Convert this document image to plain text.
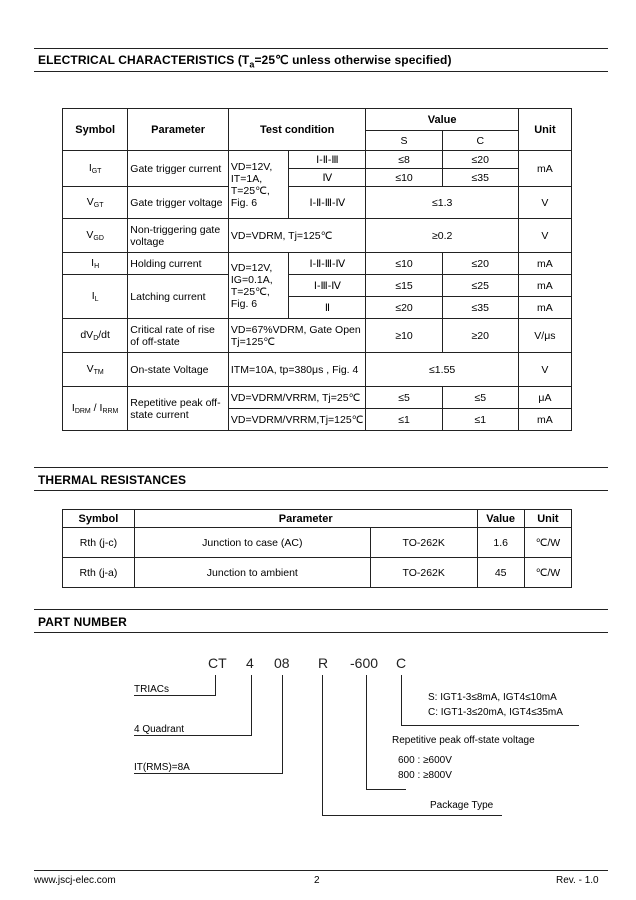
ELECTRICAL CHARACTERISTICS ($T_a=25℃$ unless otherwise specified)
Symbol	Parameter	Test condition		Value		Unit
				S	C	
$I_{GT}$	Gate trigger current	VD=12V, IT=1A, T=25℃, Fig. 6	Ⅰ-Ⅱ-Ⅲ	≤8	≤20	mA
			Ⅳ	≤10	≤35	
$V_{GT}$	Gate trigger voltage		Ⅰ-Ⅱ-Ⅲ-Ⅳ	≤1.3		V
$V_{GD}$	Non-triggering gate voltage	VD=VDRM, Tj=125℃		≥0.2		V
$I_H$	Holding current	VD=12V, IG=0.1A, T=25℃, Fig. 6	Ⅰ-Ⅱ-Ⅲ-Ⅳ	≤10	≤20	mA
$I_L$	Latching current		Ⅰ-Ⅲ-Ⅳ	≤15	≤25	mA
			Ⅱ	≤20	≤35	mA
$dV_D/dt$	Critical rate of rise of off-state	VD=67%VDRM, Gate Open Tj=125℃		≥10	≥20	V/μs
$V_{TM}$	On-state Voltage	ITM=10A, tp=380μs , Fig. 4		≤1.55		V
$I_{DRM} / I_{RRM}$	Repetitive peak off-state current	VD=VDRM/VRRM, Tj=25℃		≤5	≤5	μA
		VD=VDRM/VRRM,Tj=125℃		≤1	≤1	mA
THERMAL RESISTANCES
Symbol	Parameter		Value	Unit
Rth (j-c)	Junction to case (AC)	TO-262K	1.6	℃/W
Rth (j-a)	Junction to ambient	TO-262K	45	℃/W
PART NUMBER
CT 4 08 R -600 C
TRIACs
4 Quadrant
IT(RMS)=8A
Package Type
Repetitive peak off-state voltage
600 : ≥600V
800 : ≥800V
S: IGT1-3≤8mA, IGT4≤10mA
C: IGT1-3≤20mA, IGT4≤35mA
www.jscj-elec.com	2	Rev. - 1.0
